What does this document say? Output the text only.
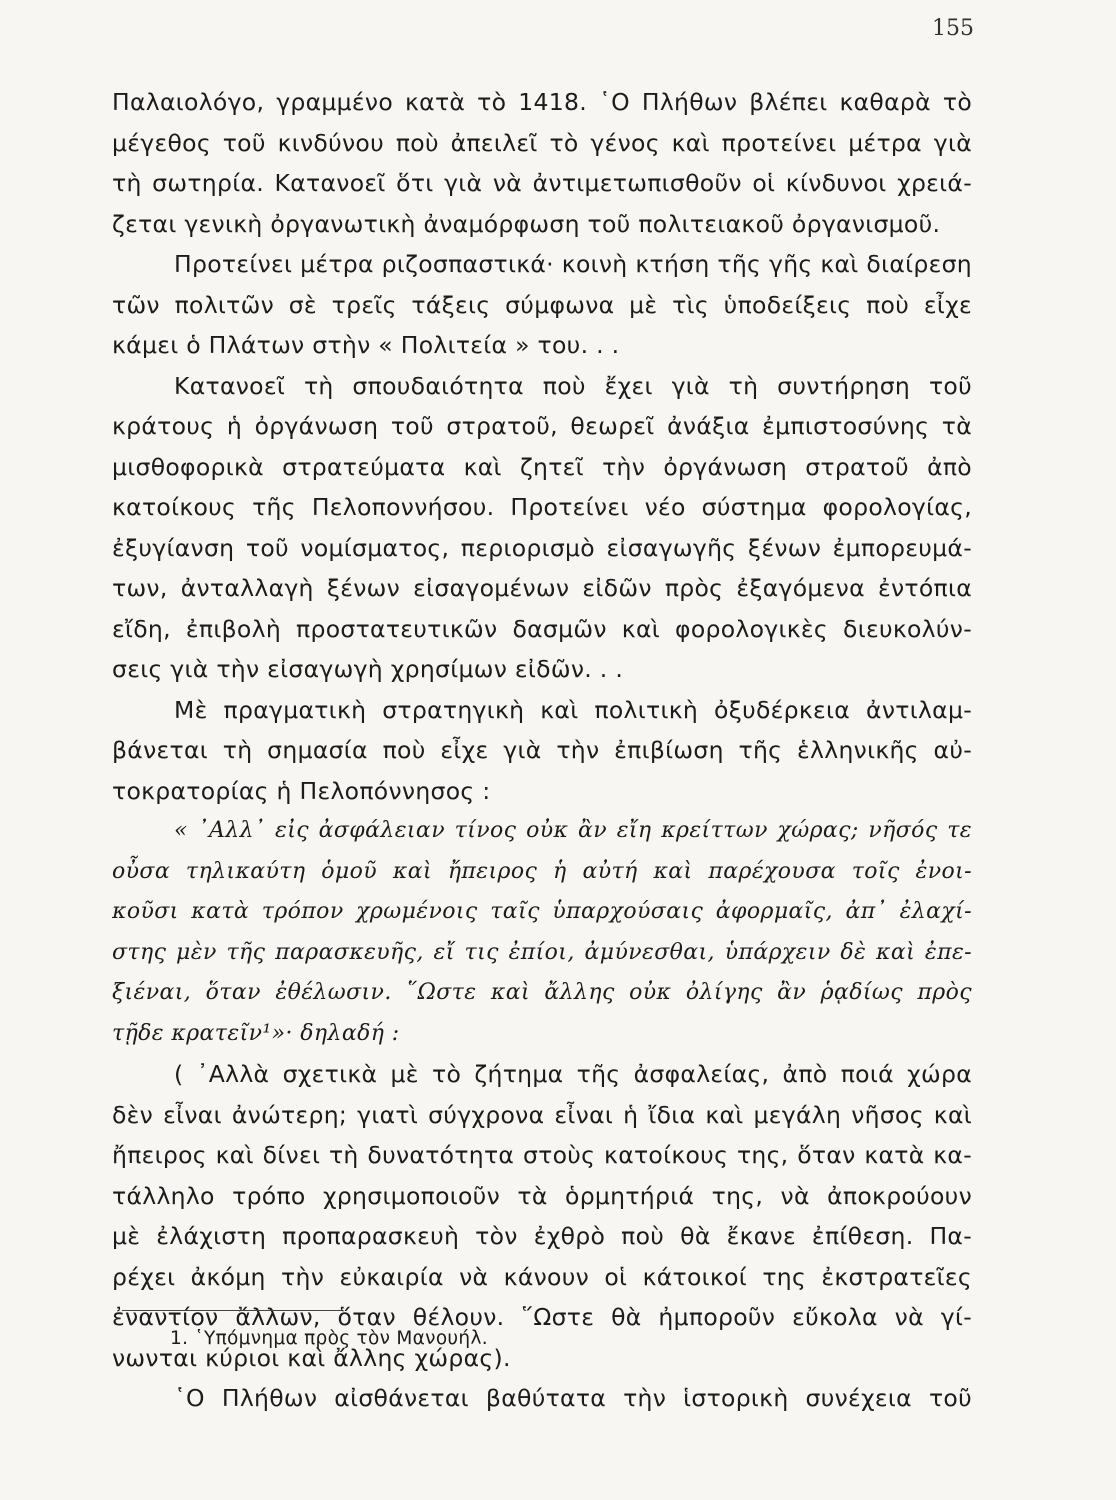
155
Παλαιολόγο, γραμμένο κατὰ τὸ 1418. ῾Ο Πλήθων βλέπει καθαρὰ τὸ
μέγεθος τοῦ κινδύνου ποὺ ἀπειλεῖ τὸ γένος καὶ προτείνει μέτρα γιὰ
τὴ σωτηρία. Κατανοεῖ ὅτι γιὰ νὰ ἀντιμετωπισθοῦν οἱ κίνδυνοι χρειά-
ζεται γενικὴ ὀργανωτικὴ ἀναμόρφωση τοῦ πολιτειακοῦ ὀργανισμοῦ.
Προτείνει μέτρα ριζοσπαστικά· κοινὴ κτήση τῆς γῆς καὶ διαίρεση
τῶν πολιτῶν σὲ τρεῖς τάξεις σύμφωνα μὲ τὶς ὑποδείξεις ποὺ εἶχε
κάμει ὁ Πλάτων στὴν « Πολιτεία » του. . .
Κατανοεῖ τὴ σπουδαιότητα ποὺ ἔχει γιὰ τὴ συντήρηση τοῦ
κράτους ἡ ὀργάνωση τοῦ στρατοῦ, θεωρεῖ ἀνάξια ἐμπιστοσύνης τὰ
μισθοφορικὰ στρατεύματα καὶ ζητεῖ τὴν ὀργάνωση στρατοῦ ἀπὸ
κατοίκους τῆς Πελοποννήσου. Προτείνει νέο σύστημα φορολογίας,
ἐξυγίανση τοῦ νομίσματος, περιορισμὸ εἰσαγωγῆς ξένων ἐμπορευμά-
των, ἀνταλλαγὴ ξένων εἰσαγομένων εἰδῶν πρὸς ἐξαγόμενα ἐντόπια
εἴδη, ἐπιβολὴ προστατευτικῶν δασμῶν καὶ φορολογικὲς διευκολύν-
σεις γιὰ τὴν εἰσαγωγὴ χρησίμων εἰδῶν. . .
Μὲ πραγματικὴ στρατηγικὴ καὶ πολιτικὴ ὀξυδέρκεια ἀντιλαμ-
βάνεται τὴ σημασία ποὺ εἶχε γιὰ τὴν ἐπιβίωση τῆς ἑλληνικῆς αὐ-
τοκρατορίας ἡ Πελοπόννησος :
« ᾿Αλλ᾿ εἰς ἀσφάλειαν τίνος οὐκ ἂν εἴη κρείττων χώρας; νῆσός τε
οὖσα τηλικαύτη ὁμοῦ καὶ ἤπειρος ἡ αὐτή καὶ παρέχουσα τοῖς ἐνοι-
κοῦσι κατὰ τρόπον χρωμένοις ταῖς ὑπαρχούσαις ἀφορμαῖς, ἀπ᾿ ἐλαχί-
στης μὲν τῆς παρασκευῆς, εἴ τις ἐπίοι, ἀμύνεσθαι, ὑπάρχειν δὲ καὶ ἐπε-
ξιέναι, ὅταν ἐθέλωσιν. ῞Ωστε καὶ ἄλλης οὐκ ὀλίγης ἂν ῥᾳδίως πρὸς
τῇδε κρατεῖν¹»· δηλαδή :
( ᾿Αλλὰ σχετικὰ μὲ τὸ ζήτημα τῆς ἀσφαλείας, ἀπὸ ποιά χώρα
δὲν εἶναι ἀνώτερη; γιατὶ σύγχρονα εἶναι ἡ ἴδια καὶ μεγάλη νῆσος καὶ
ἤπειρος καὶ δίνει τὴ δυνατότητα στοὺς κατοίκους της, ὅταν κατὰ κα-
τάλληλο τρόπο χρησιμοποιοῦν τὰ ὁρμητήριά της, νὰ ἀποκρούουν
μὲ ἐλάχιστη προπαρασκευὴ τὸν ἐχθρὸ ποὺ θὰ ἔκανε ἐπίθεση. Πα-
ρέχει ἀκόμη τὴν εὐκαιρία νὰ κάνουν οἱ κάτοικοί της ἐκστρατεῖες
ἐναντίον ἄλλων, ὅταν θέλουν. ῞Ωστε θὰ ἠμποροῦν εὔκολα νὰ γί-
νωνται κύριοι καὶ ἄλλης χώρας).
῾Ο Πλήθων αἰσθάνεται βαθύτατα τὴν ἱστορικὴ συνέχεια τοῦ
1. ῾Υπόμνημα πρὸς τὸν Μανουήλ.
